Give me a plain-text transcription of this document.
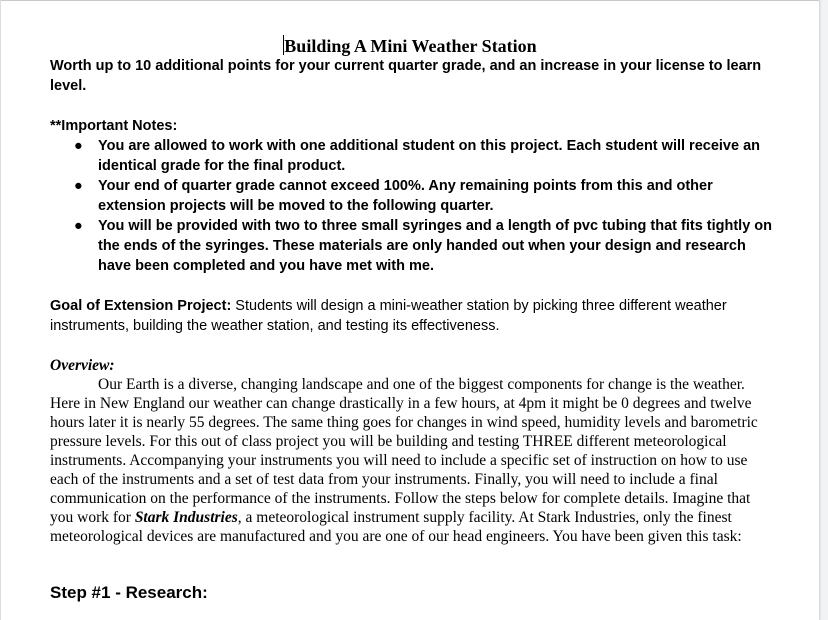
Building A Mini Weather Station

Worth up to 10 additional points for your current quarter grade, and an increase in your license to learn level.

**Important Notes:

● You are allowed to work with one additional student on this project. Each student will receive an identical grade for the final product.
● Your end of quarter grade cannot exceed 100%. Any remaining points from this and other extension projects will be moved to the following quarter.
● You will be provided with two to three small syringes and a length of pvc tubing that fits tightly on the ends of the syringes. These materials are only handed out when your design and research have been completed and you have met with me.

Goal of Extension Project: Students will design a mini-weather station by picking three different weather instruments, building the weather station, and testing its effectiveness.

Overview:

Our Earth is a diverse, changing landscape and one of the biggest components for change is the weather. Here in New England our weather can change drastically in a few hours, at 4pm it might be 0 degrees and twelve hours later it is nearly 55 degrees. The same thing goes for changes in wind speed, humidity levels and barometric pressure levels. For this out of class project you will be building and testing THREE different meteorological instruments. Accompanying your instruments you will need to include a specific set of instruction on how to use each of the instruments and a set of test data from your instruments. Finally, you will need to include a final communication on the performance of the instruments. Follow the steps below for complete details. Imagine that you work for Stark Industries, a meteorological instrument supply facility. At Stark Industries, only the finest meteorological devices are manufactured and you are one of our head engineers. You have been given this task:

Step #1 - Research:
